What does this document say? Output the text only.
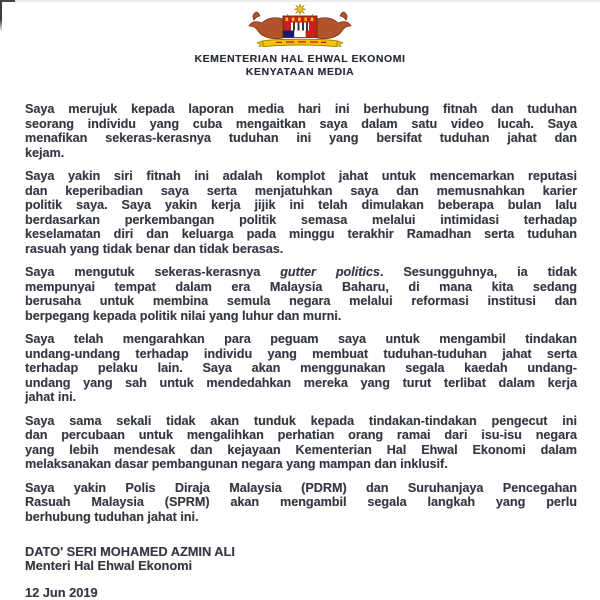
KEMENTERIAN HAL EHWAL EKONOMI
KENYATAAN MEDIA
Saya merujuk kepada laporan media hari ini berhubung fitnah dan tuduhan
seorang individu yang cuba mengaitkan saya dalam satu video lucah. Saya
menafikan sekeras-kerasnya tuduhan ini yang bersifat tuduhan jahat dan
kejam.
Saya yakin siri fitnah ini adalah komplot jahat untuk mencemarkan reputasi
dan keperibadian saya serta menjatuhkan saya dan memusnahkan karier
politik saya. Saya yakin kerja jijik ini telah dimulakan beberapa bulan lalu
berdasarkan perkembangan politik semasa melalui intimidasi terhadap
keselamatan diri dan keluarga pada minggu terakhir Ramadhan serta tuduhan
rasuah yang tidak benar dan tidak berasas.
Saya mengutuk sekeras-kerasnya gutter politics. Sesungguhnya, ia tidak
mempunyai tempat dalam era Malaysia Baharu, di mana kita sedang
berusaha untuk membina semula negara melalui reformasi institusi dan
berpegang kepada politik nilai yang luhur dan murni.
Saya telah mengarahkan para peguam saya untuk mengambil tindakan
undang-undang terhadap individu yang membuat tuduhan-tuduhan jahat serta
terhadap pelaku lain. Saya akan menggunakan segala kaedah undang-
undang yang sah untuk mendedahkan mereka yang turut terlibat dalam kerja
jahat ini.
Saya sama sekali tidak akan tunduk kepada tindakan-tindakan pengecut ini
dan percubaan untuk mengalihkan perhatian orang ramai dari isu-isu negara
yang lebih mendesak dan kejayaan Kementerian Hal Ehwal Ekonomi dalam
melaksanakan dasar pembangunan negara yang mampan dan inklusif.
Saya yakin Polis Diraja Malaysia (PDRM) dan Suruhanjaya Pencegahan
Rasuah Malaysia (SPRM) akan mengambil segala langkah yang perlu
berhubung tuduhan jahat ini.
DATO' SERI MOHAMED AZMIN ALI
Menteri Hal Ehwal Ekonomi
12 Jun 2019
